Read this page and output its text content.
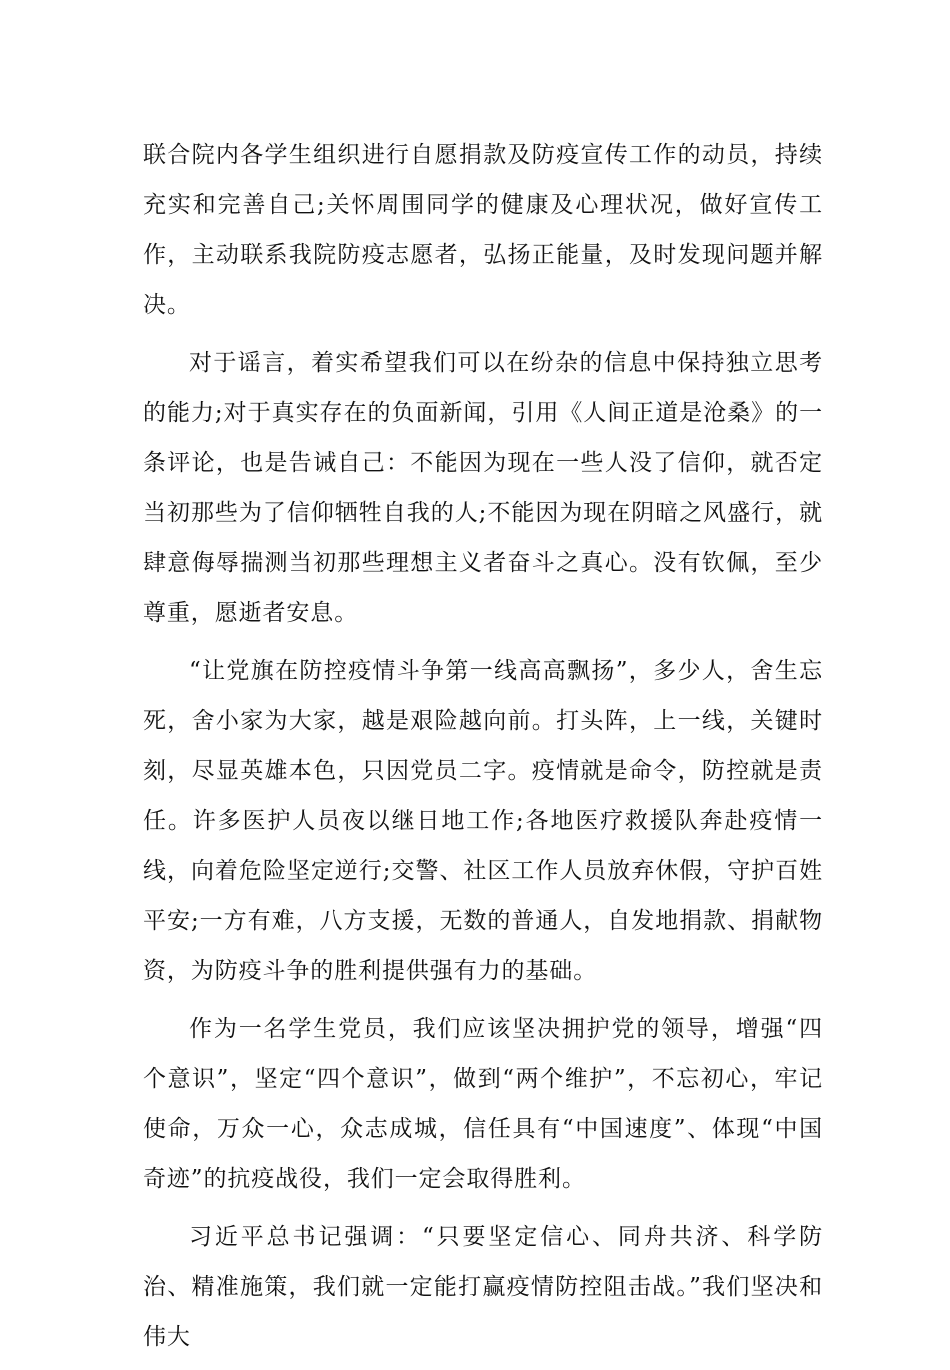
联合院内各学生组织进行自愿捐款及防疫宣传工作的动员，持续充实和完善自己;关怀周围同学的健康及心理状况，做好宣传工作，主动联系我院防疫志愿者，弘扬正能量，及时发现问题并解决。

对于谣言，着实希望我们可以在纷杂的信息中保持独立思考的能力;对于真实存在的负面新闻，引用《人间正道是沧桑》的一条评论，也是告诫自己：不能因为现在一些人没了信仰，就否定当初那些为了信仰牺牲自我的人;不能因为现在阴暗之风盛行，就肆意侮辱揣测当初那些理想主义者奋斗之真心。没有钦佩，至少尊重，愿逝者安息。

“让党旗在防控疫情斗争第一线高高飘扬”，多少人，舍生忘死，舍小家为大家，越是艰险越向前。打头阵，上一线，关键时刻，尽显英雄本色，只因党员二字。疫情就是命令，防控就是责任。许多医护人员夜以继日地工作;各地医疗救援队奔赴疫情一线，向着危险坚定逆行;交警、社区工作人员放弃休假，守护百姓平安;一方有难，八方支援，无数的普通人，自发地捐款、捐献物资，为防疫斗争的胜利提供强有力的基础。

作为一名学生党员，我们应该坚决拥护党的领导，增强“四个意识”，坚定“四个意识”，做到“两个维护”，不忘初心，牢记使命，万众一心，众志成城，信任具有“中国速度”、体现“中国奇迹”的抗疫战役，我们一定会取得胜利。

习近平总书记强调：“只要坚定信心、同舟共济、科学防治、精准施策，我们就一定能打赢疫情防控阻击战。”我们坚决和伟大
